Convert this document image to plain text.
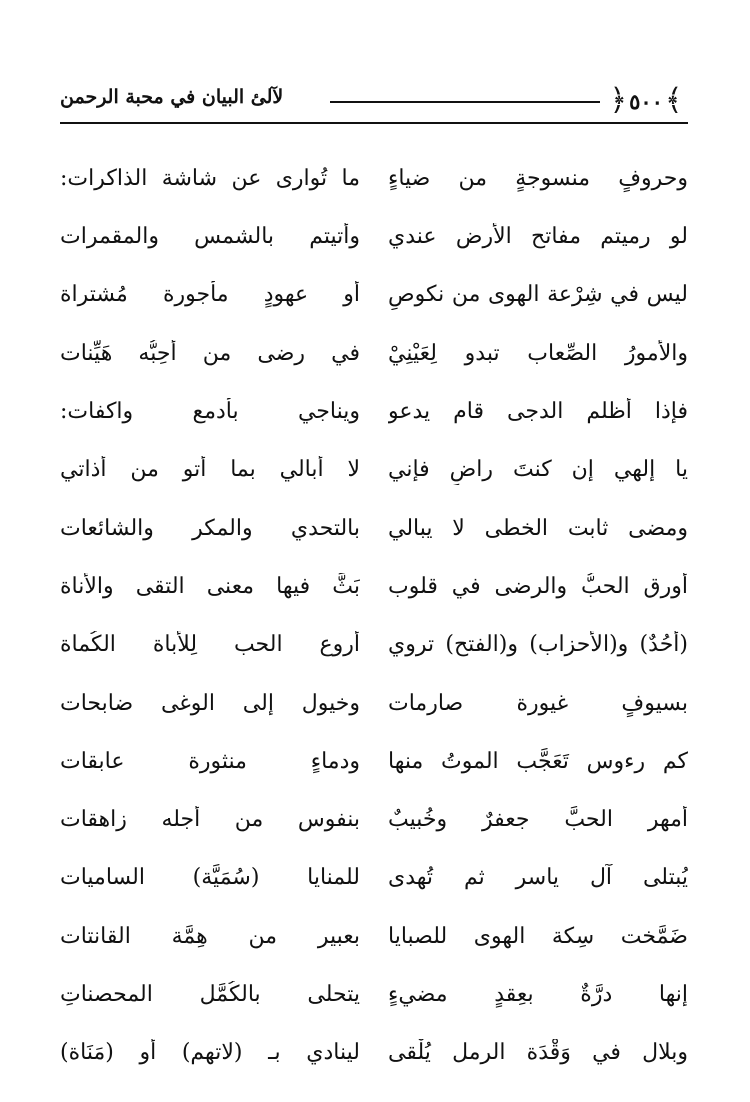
﴾
٥٠٠
﴿
لآلئ البيان في محبة الرحمن
وحروفٍ منسوجةٍ من ضياءٍ
ما تُوارى عن شاشة الذاكرات:
لو رميتم مفاتح الأرض عندي
وأتيتم بالشمس والمقمرات
ليس في شِرْعة الهوى من نكوصٍ
أو عهودٍ مأجورة مُشتراة
والأمورُ الصِّعاب تبدو لِعَيْنِيْ
في رضى من أُحِبُّه هَيِّنات
فإذا أظلم الدجى قام يدعو
ويناجي بأدمع واكفات:
يا إلهي إن كنتَ راضٍ فإني
لا أبالي بما أتو من أذاتي
ومضى ثابت الخطى لا يبالي
بالتحدي والمكر والشائعات
أورق الحبُّ والرضى في قلوب
بَثَّ فيها معنى التقى والأناة
(أُحُدٌ) و(الأحزاب) و(الفتح) تروي
أروع الحب لِلأُباة الكُماة
بسيوفٍ غيورة صارمات
وخيول إلى الوغى ضابحات
كم رءوس تَعَجَّب الموتُ منها
ودماءٍ منثورة عابقات
أمهر الحبَّ جعفرٌ وخُبيبٌ
بنفوس من أجله زاهقات
يُبتلى آل ياسر ثم تُهدى
للمنايا (سُمَيَّة) الساميات
ضَمَّخت سِكة الهوى للصبايا
بعبير من هِمَّة القانتات
إنها درَّةٌ بعِقدٍ مضيءٍ
يتحلى بالكُمَّل المحصناتِ
وبلال في وَقْدَة الرمل يُلْقى
لينادي بـ (لاتهم) أو (مَنَاة)
